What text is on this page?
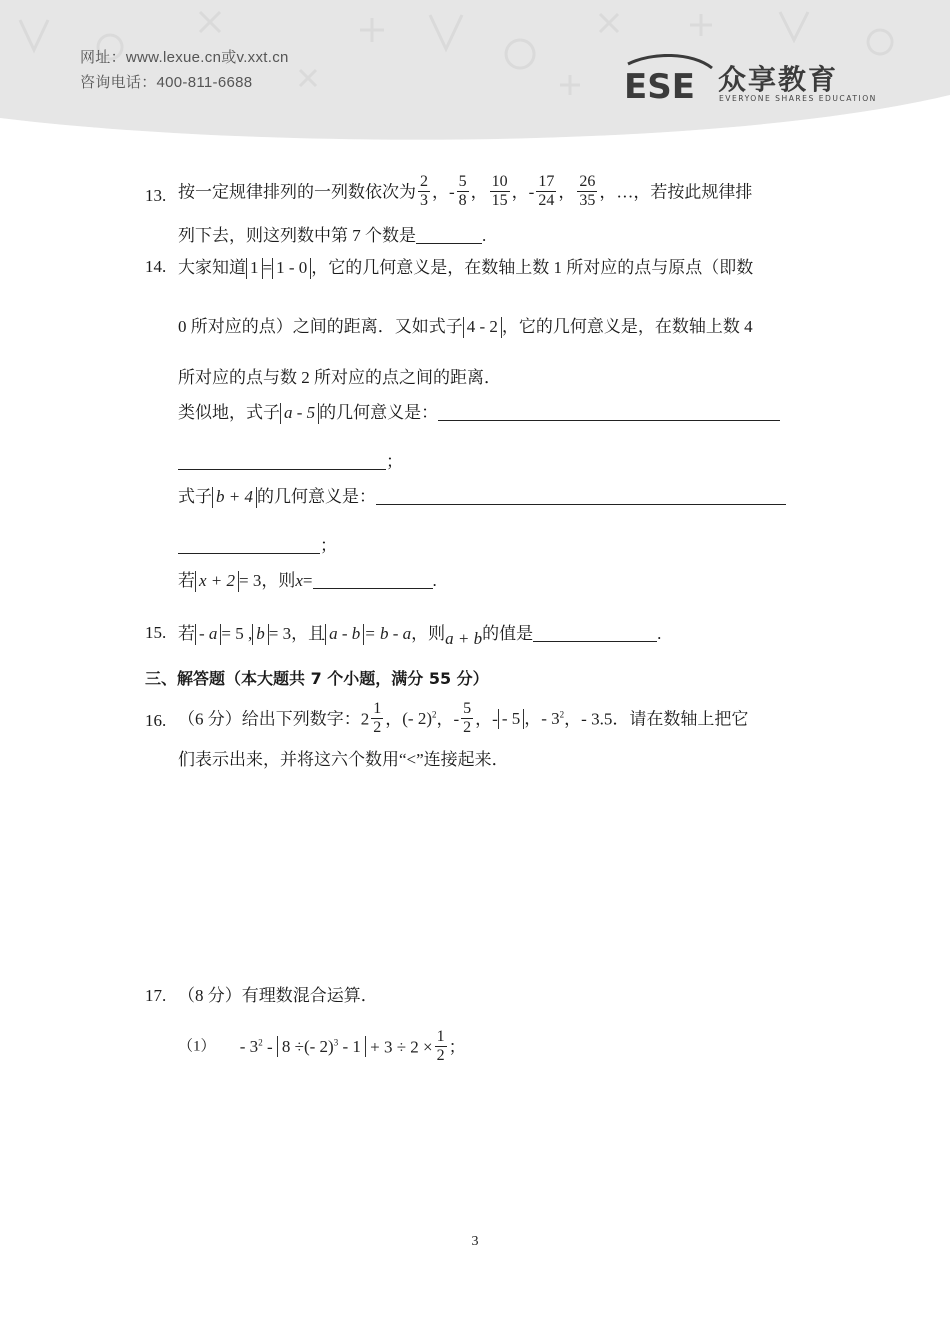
网址：www.lexue.cn或v.xxt.cn
咨询电话：400-811-6688	ESE 众享教育
EVERYONE SHARES EDUCATION
13. 按一定规律排列的一列数依次为 $\frac{2}{3}$ ，- $\frac{5}{8}$ ， $\frac{10}{15}$ ，- $\frac{17}{24}$ ， $\frac{26}{35}$ ，…，若按此规律排
列下去，则这列数中第 7 个数是	.
14. 大家知道 1 = 1 - 0 ，它的几何意义是，在数轴上数 1 所对应的点与原点（即数
0 所对应的点）之间的距离．又如式子 4 - 2 ，它的几何意义是，在数轴上数 4
所对应的点与数 2 所对应的点之间的距离．
类似地，式子 a - 5 的几何意义是：
；
式子 b + 4 的几何意义是：
；
若 x + 2 = 3，则x=	.
15. 若 - a = 5 , b = 3，且 a - b = b - a，则a + b的值是	.
三、解答题（本大题共 7 个小题，满分 55 分）
16. （6 分）给出下列数字：$2 \frac{1}{2}$ ，(- 2)$^2$，- $\frac{5}{2}$ ，- - 5 ，- $3^2$，- 3.5．请在数轴上把它
们表示出来，并将这六个数用“<”连接起来．
17. （8 分）有理数混合运算．
$(1) - 3^2 - 8$ ÷(- $2)^3 - 1 + 3 \div 2 \times \frac{1}{2}$ ；
3
